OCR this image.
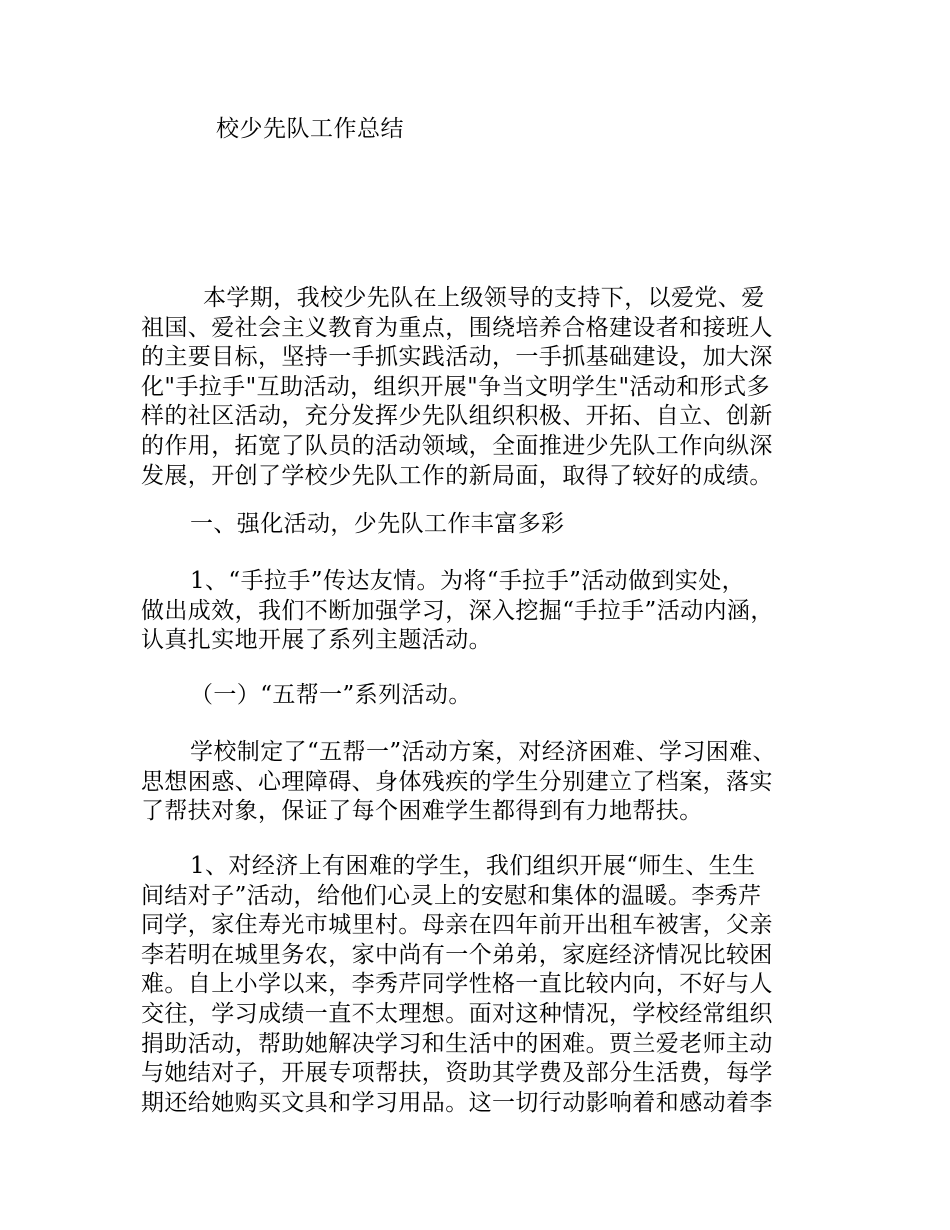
校少先队工作总结
本学期，我校少先队在上级领导的支持下，以爱党、爱
祖国、爱社会主义教育为重点，围绕培养合格建设者和接班人
的主要目标，坚持一手抓实践活动，一手抓基础建设，加大深
化"手拉手"互助活动，组织开展"争当文明学生"活动和形式多
样的社区活动，充分发挥少先队组织积极、开拓、自立、创新
的作用，拓宽了队员的活动领域，全面推进少先队工作向纵深
发展，开创了学校少先队工作的新局面，取得了较好的成绩。
一、强化活动，少先队工作丰富多彩
1、“手拉手”传达友情。为将“手拉手”活动做到实处，
做出成效，我们不断加强学习，深入挖掘“手拉手”活动内涵，
认真扎实地开展了系列主题活动。
（一）“五帮一”系列活动。
学校制定了“五帮一”活动方案，对经济困难、学习困难、
思想困惑、心理障碍、身体残疾的学生分别建立了档案，落实
了帮扶对象，保证了每个困难学生都得到有力地帮扶。
1、对经济上有困难的学生，我们组织开展“师生、生生
间结对子”活动，给他们心灵上的安慰和集体的温暖。李秀芹
同学，家住寿光市城里村。母亲在四年前开出租车被害，父亲
李若明在城里务农，家中尚有一个弟弟，家庭经济情况比较困
难。自上小学以来，李秀芹同学性格一直比较内向，不好与人
交往，学习成绩一直不太理想。面对这种情况，学校经常组织
捐助活动，帮助她解决学习和生活中的困难。贾兰爱老师主动
与她结对子，开展专项帮扶，资助其学费及部分生活费，每学
期还给她购买文具和学习用品。这一切行动影响着和感动着李
